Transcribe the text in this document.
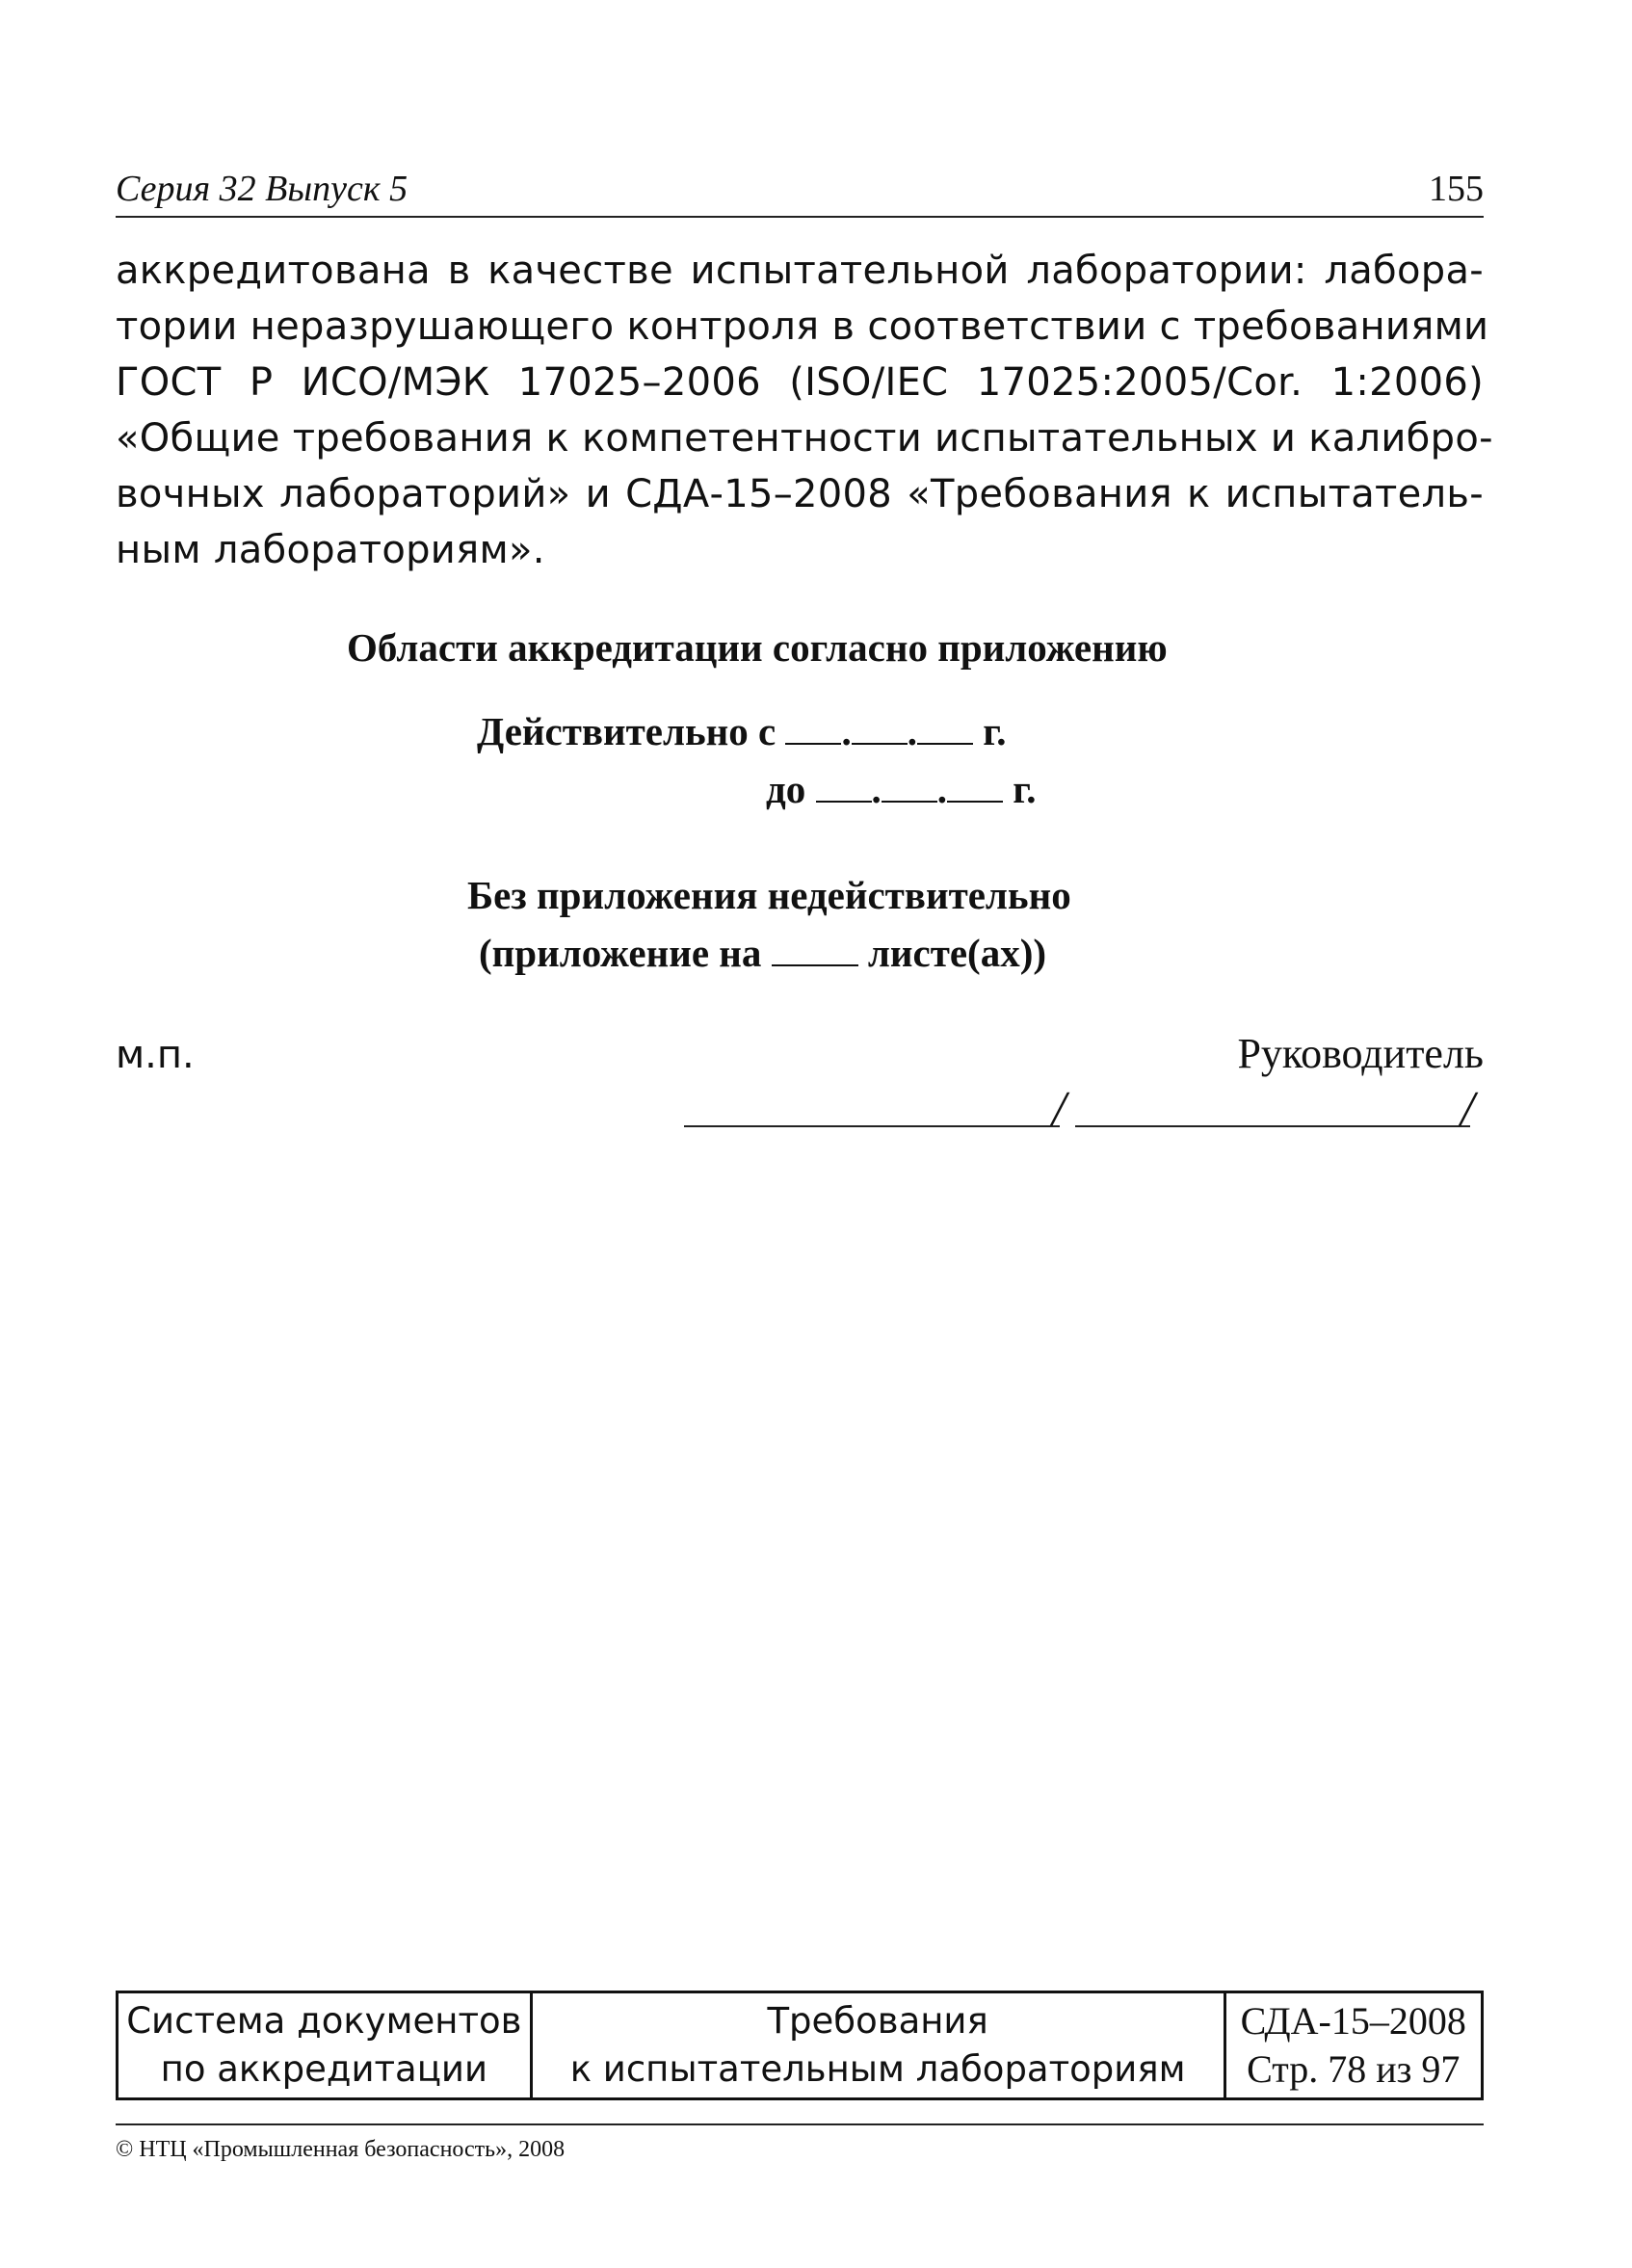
Серия 32 Выпуск 5	155
аккредитована в качестве испытательной лаборатории: лабора-
тории неразрушающего контроля в соответствии с требованиями
ГОСТ Р ИСО/МЭК 17025–2006 (ISO/IEC 17025:2005/Cor. 1:2006)
«Общие требования к компетентности испытательных и калибро-
вочных лабораторий» и СДА-15–2008 «Требования к испытатель-
ным лабораториям».
Области аккредитации согласно приложению
Действительно с . . г.
до . . г.
Без приложения недействительно
(приложение на	листе(ах))
м.п.	Руководитель
/	/
Система документов
по аккредитации

Требования
к испытательным лабораториям

СДА-15–2008
Стр. 78 из 97
© НТЦ «Промышленная безопасность», 2008
